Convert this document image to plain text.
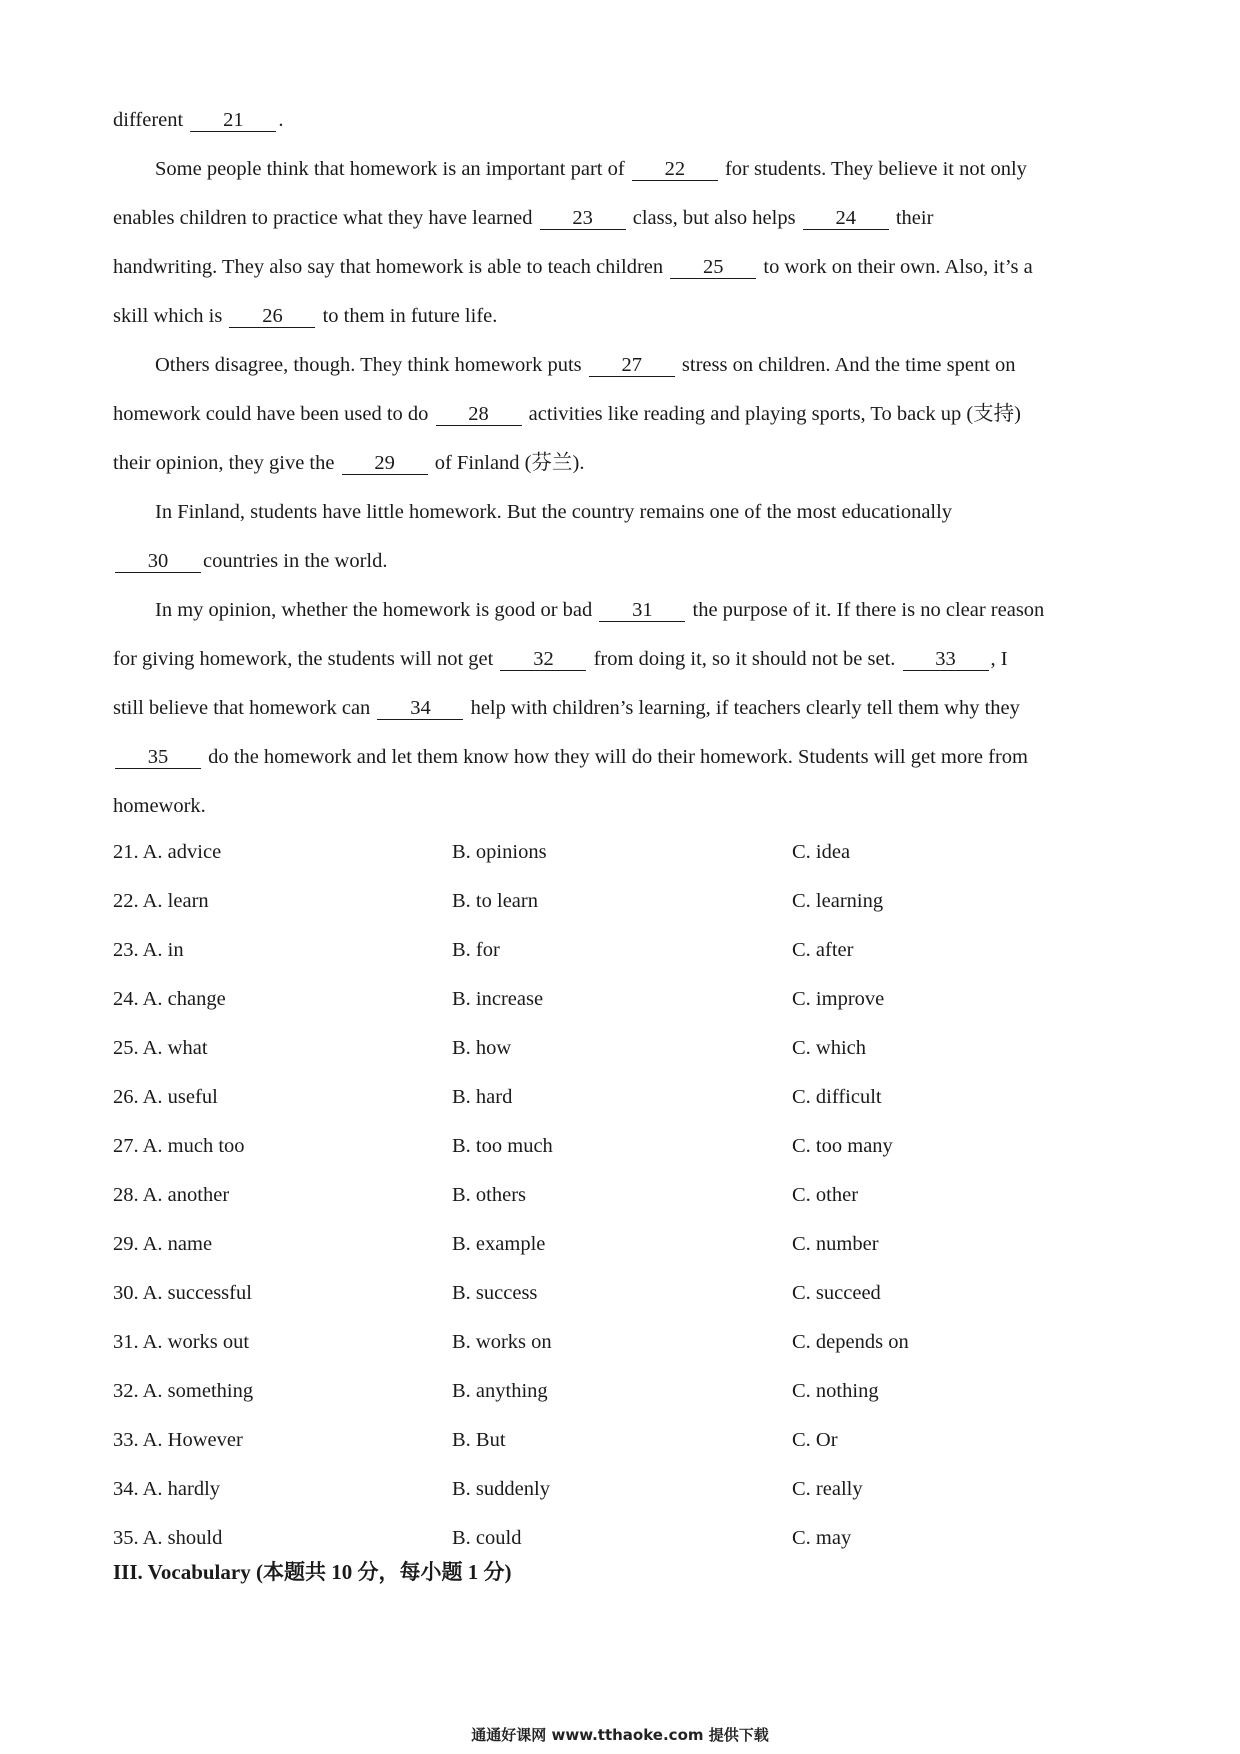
different 21 .
Some people think that homework is an important part of 22 for students. They believe it not only
enables children to practice what they have learned 23 class, but also helps 24 their
handwriting. They also say that homework is able to teach children 25 to work on their own. Also, it’s a
skill which is 26 to them in future life.
Others disagree, though. They think homework puts 27 stress on children. And the time spent on
homework could have been used to do 28 activities like reading and playing sports, To back up (支持)
their opinion, they give the 29 of Finland (芬兰).
In Finland, students have little homework. But the country remains one of the most educationally
30 countries in the world.
In my opinion, whether the homework is good or bad 31 the purpose of it. If there is no clear reason
for giving homework, the students will not get 32 from doing it, so it should not be set. 33 , I
still believe that homework can 34 help with children’s learning, if teachers clearly tell them why they
35 do the homework and let them know how they will do their homework. Students will get more from
homework.
21. A. advice	B. opinions	C. idea
22. A. learn	B. to learn	C. learning
23. A. in	B. for	C. after
24. A. change	B. increase	C. improve
25. A. what	B. how	C. which
26. A. useful	B. hard	C. difficult
27. A. much too	B. too much	C. too many
28. A. another	B. others	C. other
29. A. name	B. example	C. number
30. A. successful	B. success	C. succeed
31. A. works out	B. works on	C. depends on
32. A. something	B. anything	C. nothing
33. A. However	B. But	C. Or
34. A. hardly	B. suddenly	C. really
35. A. should	B. could	C. may
III. Vocabulary (本题共 10 分，每小题 1 分)
通通好课网 www.tthaoke.com 提供下载
